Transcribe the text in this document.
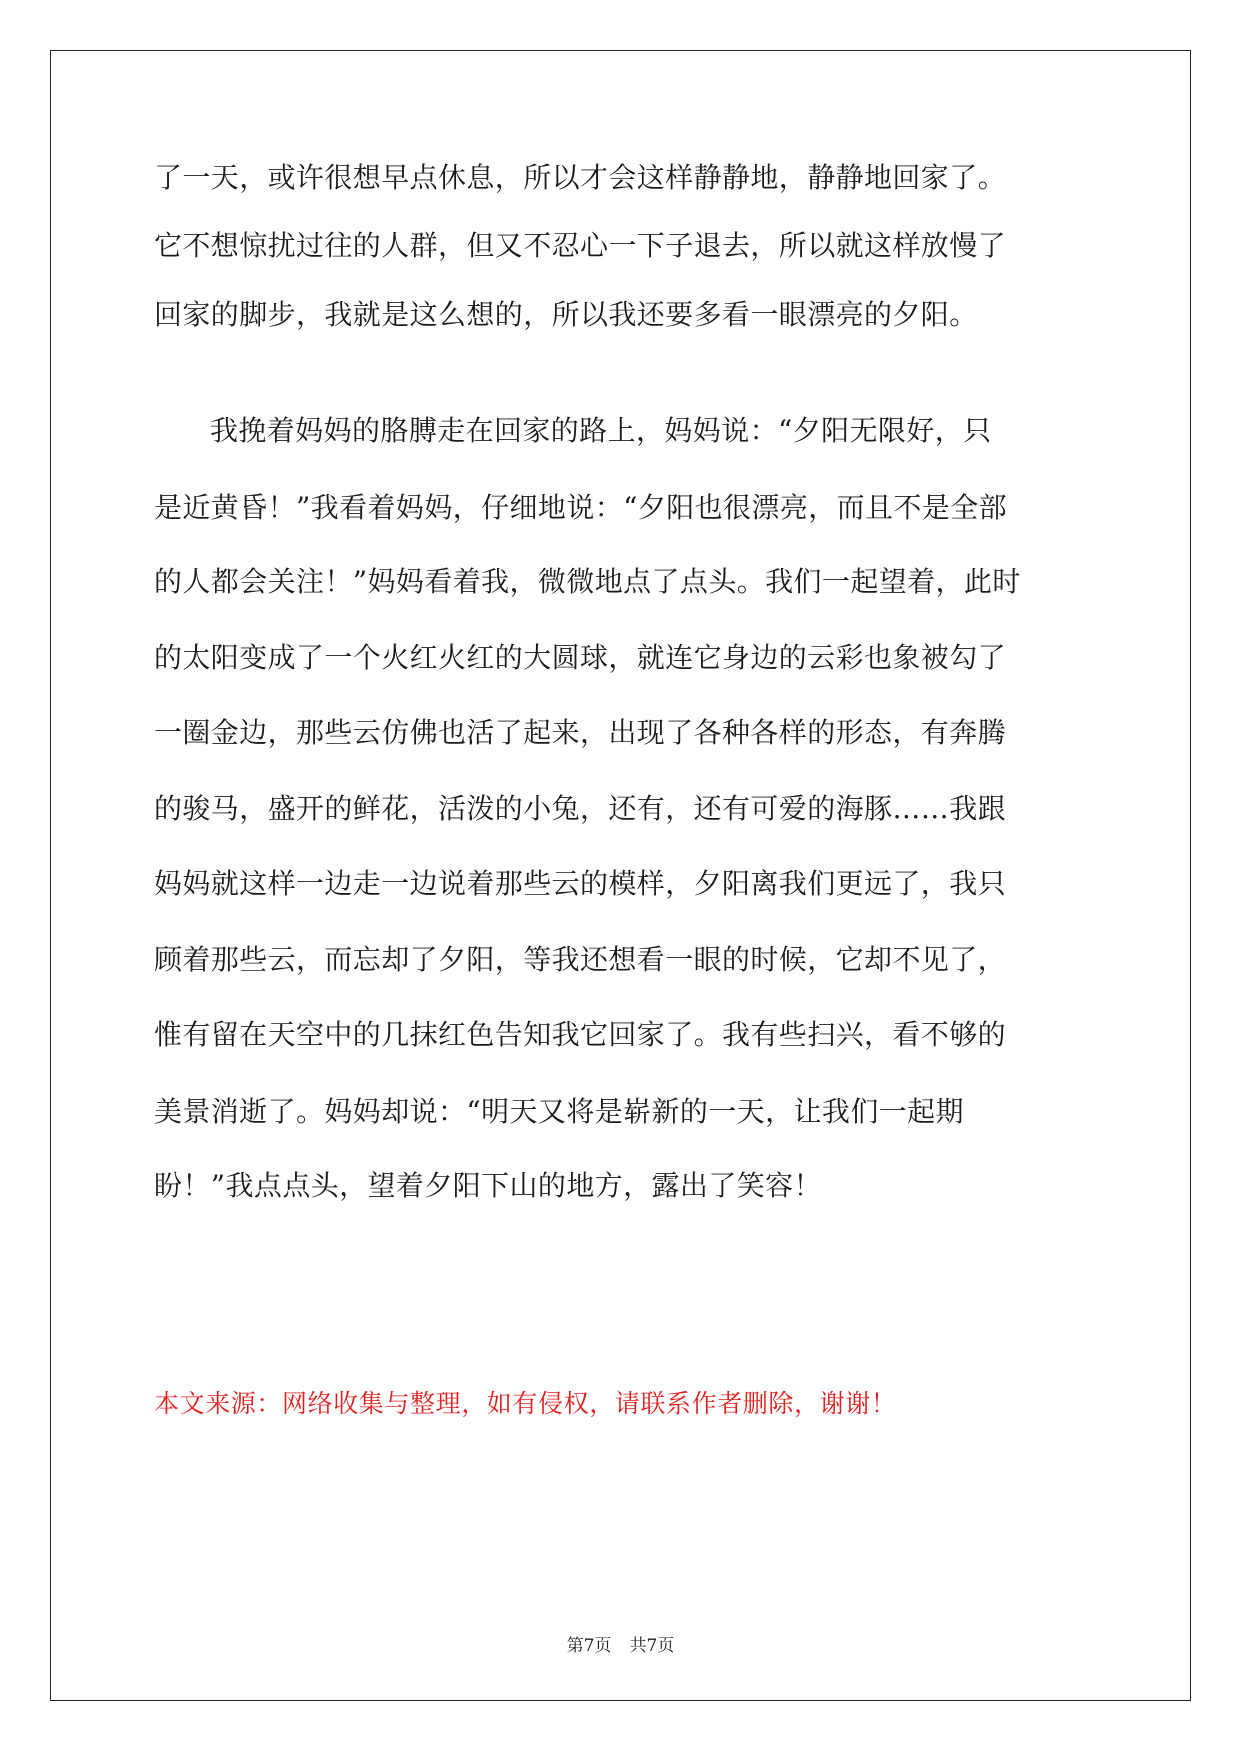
了一天，或许很想早点休息，所以才会这样静静地，静静地回家了。
它不想惊扰过往的人群，但又不忍心一下子退去，所以就这样放慢了
回家的脚步，我就是这么想的，所以我还要多看一眼漂亮的夕阳。
我挽着妈妈的胳膊走在回家的路上，妈妈说：“夕阳无限好，只
是近黄昏！”我看着妈妈，仔细地说：“夕阳也很漂亮，而且不是全部
的人都会关注！”妈妈看着我，微微地点了点头。我们一起望着，此时
的太阳变成了一个火红火红的大圆球，就连它身边的云彩也象被勾了
一圈金边，那些云仿佛也活了起来，出现了各种各样的形态，有奔腾
的骏马，盛开的鲜花，活泼的小兔，还有，还有可爱的海豚……我跟
妈妈就这样一边走一边说着那些云的模样，夕阳离我们更远了，我只
顾着那些云，而忘却了夕阳，等我还想看一眼的时候，它却不见了，
惟有留在天空中的几抹红色告知我它回家了。我有些扫兴，看不够的
美景消逝了。妈妈却说：“明天又将是崭新的一天，让我们一起期
盼！”我点点头，望着夕阳下山的地方，露出了笑容！
本文来源：网络收集与整理，如有侵权，请联系作者删除，谢谢！
第7页 共7页
